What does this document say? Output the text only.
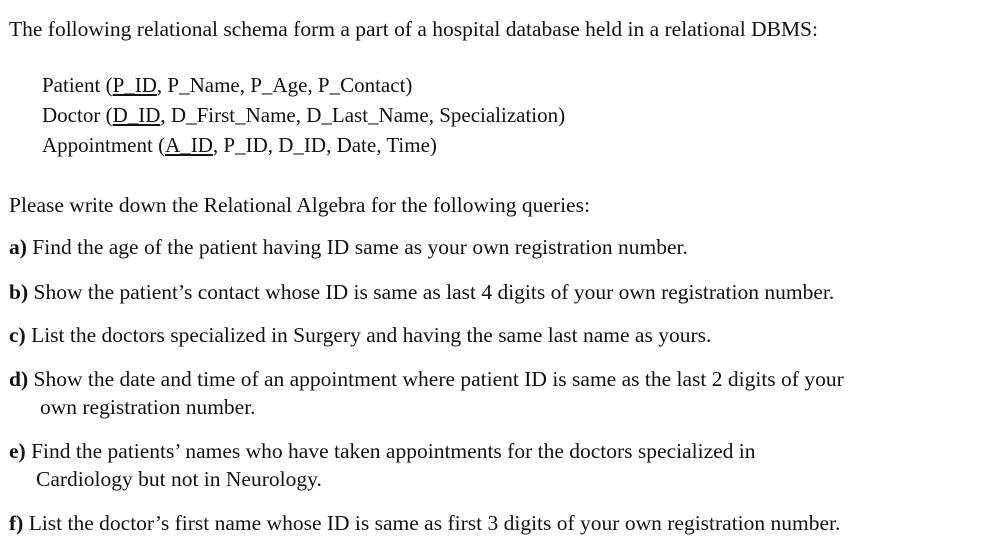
The following relational schema form a part of a hospital database held in a relational DBMS:
Patient (P_ID, P_Name, P_Age, P_Contact)
Doctor (D_ID, D_First_Name, D_Last_Name, Specialization)
Appointment (A_ID, P_ID, D_ID, Date, Time)
Please write down the Relational Algebra for the following queries:
a) Find the age of the patient having ID same as your own registration number.
b) Show the patient’s contact whose ID is same as last 4 digits of your own registration number.
c) List the doctors specialized in Surgery and having the same last name as yours.
d) Show the date and time of an appointment where patient ID is same as the last 2 digits of your
own registration number.
e) Find the patients’ names who have taken appointments for the doctors specialized in
Cardiology but not in Neurology.
f) List the doctor’s first name whose ID is same as first 3 digits of your own registration number.
